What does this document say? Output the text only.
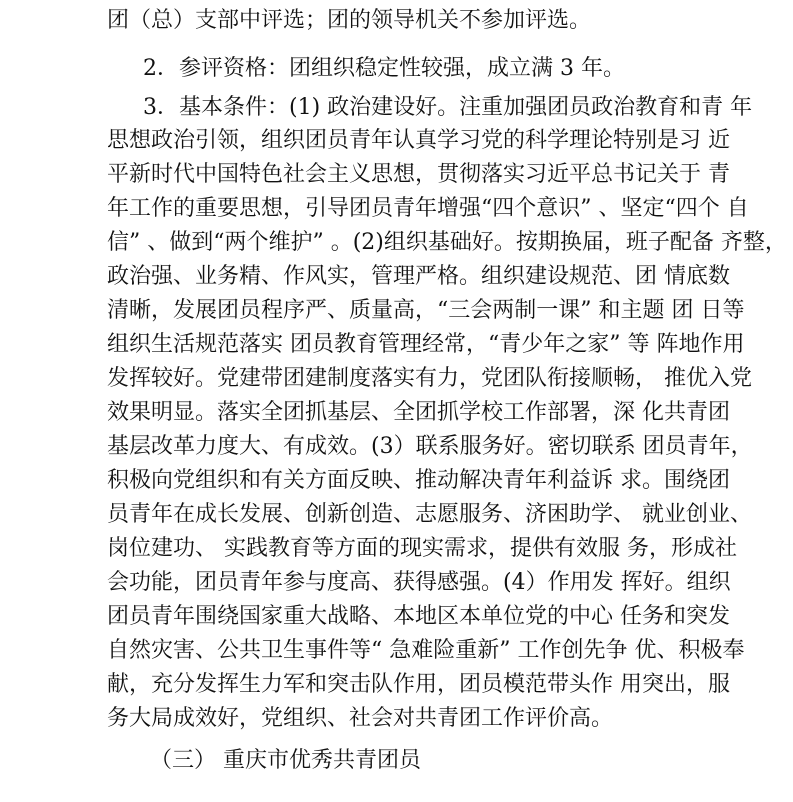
团（总）支部中评选；团的领导机关不参加评选。
2．参评资格：团组织稳定性较强，成立满 3 年。
3．基本条件：(1) 政治建设好。注重加强团员政治教育和青 年
思想政治引领，组织团员青年认真学习党的科学理论特别是习 近
平新时代中国特色社会主义思想，贯彻落实习近平总书记关于 青
年工作的重要思想，引导团员青年增强“四个意识” 、坚定“四个 自
信” 、做到“两个维护” 。(2)组织基础好。按期换届，班子配备 齐整，
政治强、业务精、作风实，管理严格。组织建设规范、团 情底数
清晰，发展团员程序严、质量高，“三会两制一课” 和主题 团 日等
组织生活规范落实 团员教育管理经常，“青少年之家” 等 阵地作用
发挥较好。党建带团建制度落实有力，党团队衔接顺畅， 推优入党
效果明显。落实全团抓基层、全团抓学校工作部署，深 化共青团
基层改革力度大、有成效。(3）联系服务好。密切联系 团员青年，
积极向党组织和有关方面反映、推动解决青年利益诉 求。围绕团
员青年在成长发展、创新创造、志愿服务、济困助学、 就业创业、
岗位建功、 实践教育等方面的现实需求，提供有效服 务，形成社
会功能，团员青年参与度高、获得感强。(4）作用发 挥好。组织
团员青年围绕国家重大战略、本地区本单位党的中心 任务和突发
自然灾害、公共卫生事件等“ 急难险重新” 工作创先争 优、积极奉
献，充分发挥生力军和突击队作用，团员模范带头作 用突出，服
务大局成效好，党组织、社会对共青团工作评价高。
（三） 重庆市优秀共青团员
